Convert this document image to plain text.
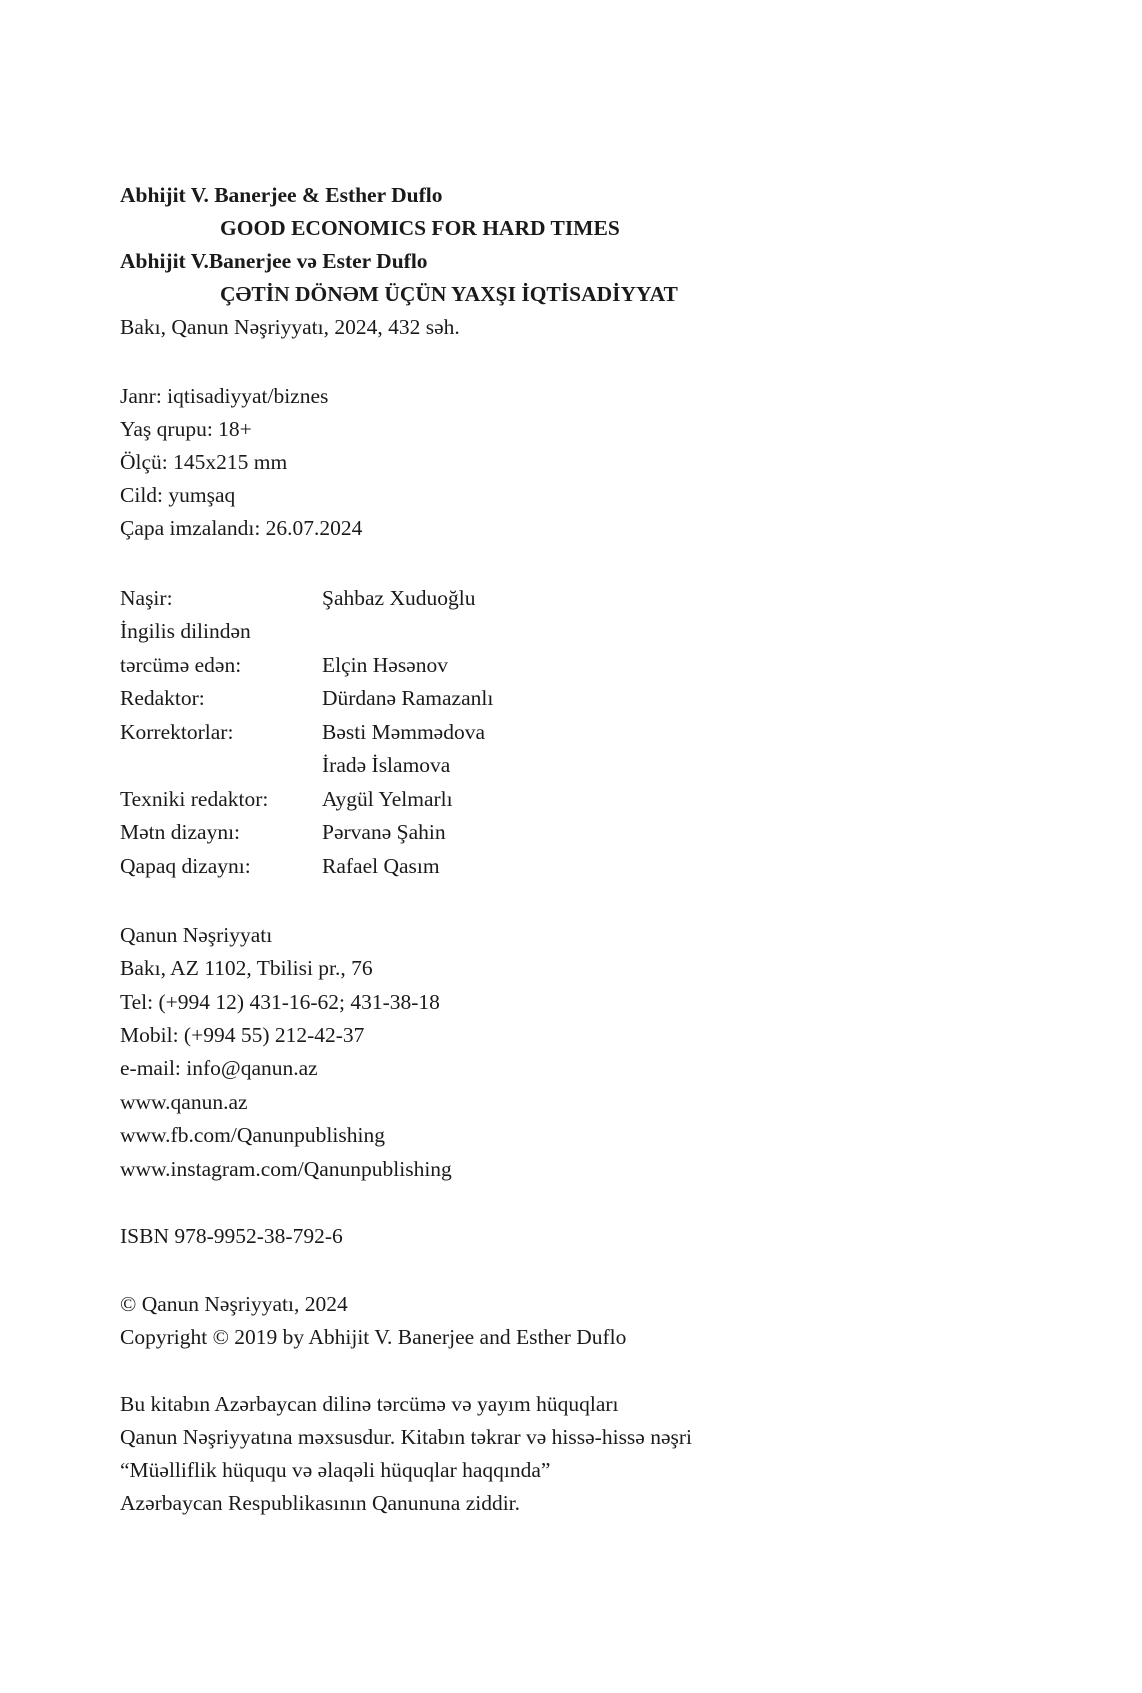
Abhijit V. Banerjee & Esther Duflo
GOOD ECONOMICS FOR HARD TIMES
Abhijit V.Banerjee və Ester Duflo
ÇƏTİN DÖNƏM ÜÇÜN YAXŞI İQTİSADİYYAT
Bakı, Qanun Nəşriyyatı, 2024, 432 səh.
Janr: iqtisadiyyat/biznes
Yaş qrupu: 18+
Ölçü: 145x215 mm
Cild: yumşaq
Çapa imzalandı: 26.07.2024
Naşir:	Şahbaz Xuduoğlu
İngilis dilindən
tərcümə edən:	Elçin Həsənov
Redaktor:	Dürdanə Ramazanlı
Korrektorlar:	Bəsti Məmmədova
İradə İslamova
Texniki redaktor: Aygül Yelmarlı
Mətn dizaynı:	Pərvanə Şahin
Qapaq dizaynı:	Rafael Qasım
Qanun Nəşriyyatı
Bakı, AZ 1102, Tbilisi pr., 76
Tel: (+994 12) 431-16-62; 431-38-18
Mobil: (+994 55) 212-42-37
e-mail: info@qanun.az
www.qanun.az
www.fb.com/Qanunpublishing
www.instagram.com/Qanunpublishing
ISBN 978-9952-38-792-6
© Qanun Nəşriyyatı, 2024
Copyright © 2019 by Abhijit V. Banerjee and Esther Duflo
Bu kitabın Azərbaycan dilinə tərcümə və yayım hüquqları
Qanun Nəşriyyatına məxsusdur. Kitabın təkrar və hissə-hissə nəşri
“Müəlliflik hüququ və əlaqəli hüquqlar haqqında”
Azərbaycan Respublikasının Qanununa ziddir.
